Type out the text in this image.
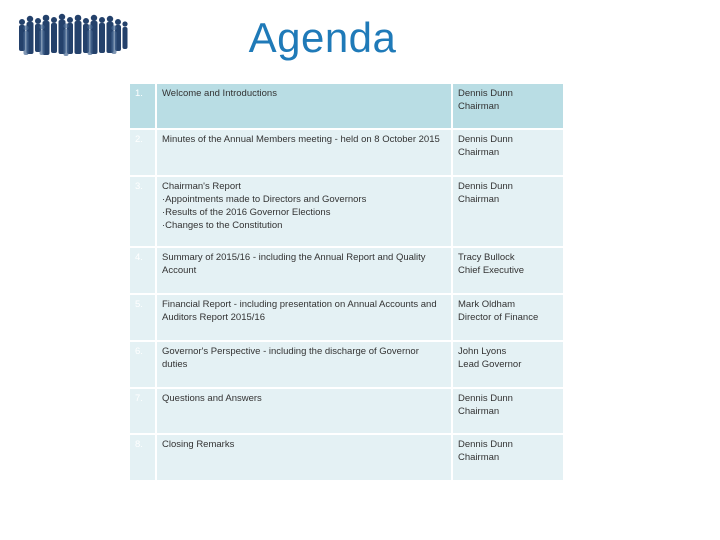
Agenda
1.	Welcome and Introductions	Dennis Dunn
Chairman

2.	Minutes of the Annual Members meeting - held on 8 October 2015	Dennis Dunn
Chairman

3.	Chairman's Report
·Appointments made to Directors and Governors
·Results of the 2016 Governor Elections
·Changes to the Constitution	Dennis Dunn
Chairman

4.	Summary of 2015/16 - including the Annual Report and Quality Account	Tracy Bullock
Chief Executive

5.	Financial Report - including presentation on Annual Accounts and Auditors Report 2015/16	Mark Oldham
Director of Finance

6.	Governor's Perspective - including the discharge of Governor duties	John Lyons
Lead Governor

7.	Questions and Answers	Dennis Dunn
Chairman

8.	Closing Remarks	Dennis Dunn
Chairman
